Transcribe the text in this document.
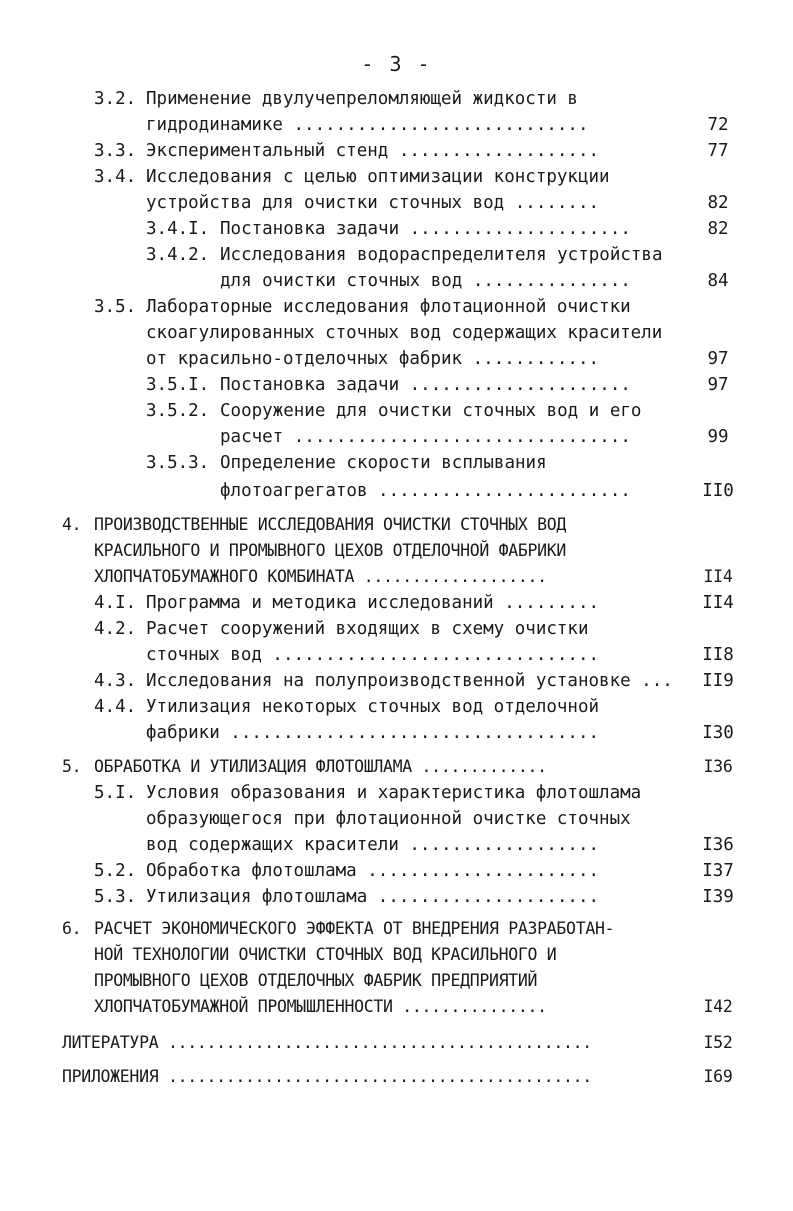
- 3 -
3.2. Применение двулучепреломляющей жидкости в
гидродинамике ............................	72
3.3. Экспериментальный стенд ...................	77
3.4. Исследования с целью оптимизации конструкции
устройства для очистки сточных вод ........	82
3.4.I. Постановка задачи .....................	82
3.4.2. Исследования водораспределителя устройства
для очистки сточных вод ...............	84
3.5. Лабораторные исследования флотационной очистки
скоагулированных сточных вод содержащих красители
от красильно-отделочных фабрик ............	97
3.5.I. Постановка задачи .....................	97
3.5.2. Сооружение для очистки сточных вод и его
расчет ................................	99
3.5.3. Определение скорости всплывания
флотоагрегатов ........................	II0
4. ПРОИЗВОДСТВЕННЫЕ ИССЛЕДОВАНИЯ ОЧИСТКИ СТОЧНЫХ ВОД
КРАСИЛЬНОГО И ПРОМЫВНОГО ЦЕХОВ ОТДЕЛОЧНОЙ ФАБРИКИ
ХЛОПЧАТОБУМАЖНОГО КОМБИНАТА ...................	II4
4.I. Программа и методика исследований .........	II4
4.2. Расчет сооружений входящих в схему очистки
сточных вод ...............................	II8
4.3. Исследования на полупроизводственной установке ...	II9
4.4. Утилизация некоторых сточных вод отделочной
фабрики ...................................	I30
5. ОБРАБОТКА И УТИЛИЗАЦИЯ ФЛОТОШЛАМА .............	I36
5.I. Условия образования и характеристика флотошлама
образующегося при флотационной очистке сточных
вод содержащих красители ..................	I36
5.2. Обработка флотошлама ......................	I37
5.3. Утилизация флотошлама .....................	I39
6. РАСЧЕТ ЭКОНОМИЧЕСКОГО ЭФФЕКТА ОТ ВНЕДРЕНИЯ РАЗРАБОТАН-
НОЙ ТЕХНОЛОГИИ ОЧИСТКИ СТОЧНЫХ ВОД КРАСИЛЬНОГО И
ПРОМЫВНОГО ЦЕХОВ ОТДЕЛОЧНЫХ ФАБРИК ПРЕДПРИЯТИЙ
ХЛОПЧАТОБУМАЖНОЙ ПРОМЫШЛЕННОСТИ ...............	I42
ЛИТЕРАТУРА ............................................	I52
ПРИЛОЖЕНИЯ ............................................	I69
